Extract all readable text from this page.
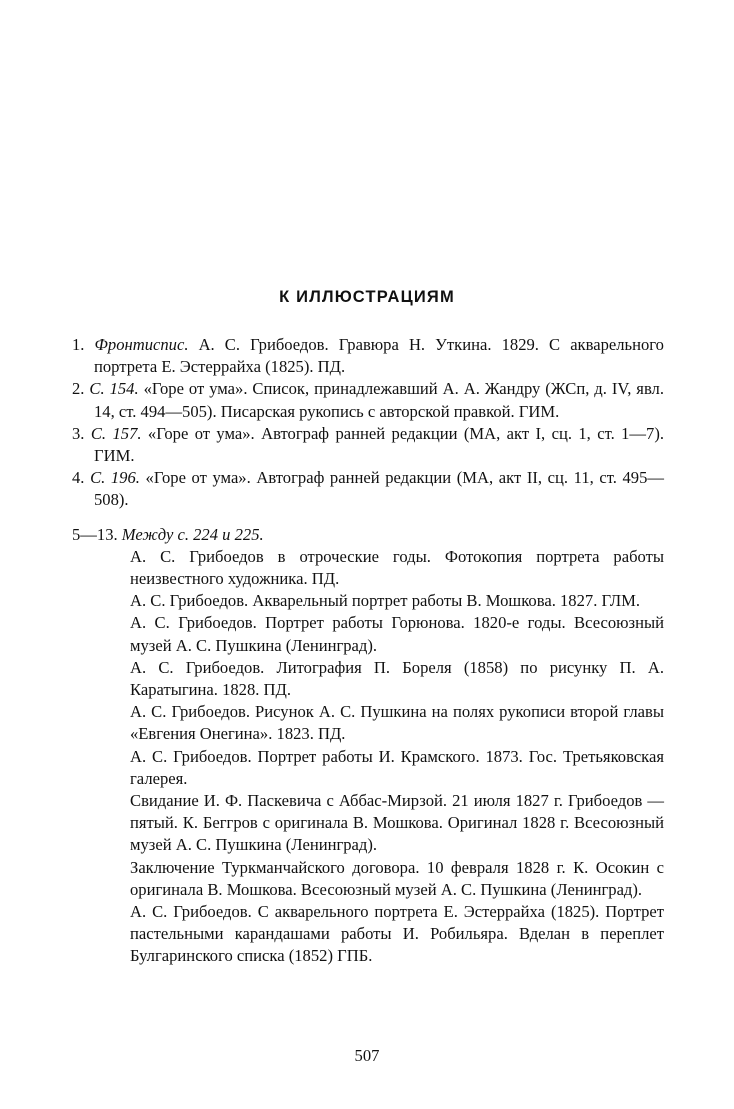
К ИЛЛЮСТРАЦИЯМ
1. Фронтиспис. А. С. Грибоедов. Гравюра Н. Уткина. 1829. С акварельного портрета Е. Эстеррайха (1825). ПД.
2. С. 154. «Горе от ума». Список, принадлежавший А. А. Жандру (ЖСп, д. IV, явл. 14, ст. 494—505). Писарская рукопись с авторской правкой. ГИМ.
3. С. 157. «Горе от ума». Автограф ранней редакции (МА, акт I, сц. 1, ст. 1—7). ГИМ.
4. С. 196. «Горе от ума». Автограф ранней редакции (МА, акт II, сц. 11, ст. 495—508).
5—13. Между с. 224 и 225.
А. С. Грибоедов в отроческие годы. Фотокопия портрета работы неизвестного художника. ПД.
А. С. Грибоедов. Акварельный портрет работы В. Мошкова. 1827. ГЛМ.
А. С. Грибоедов. Портрет работы Горюнова. 1820-е годы. Всесоюзный музей А. С. Пушкина (Ленинград).
А. С. Грибоедов. Литография П. Бореля (1858) по рисунку П. А. Каратыгина. 1828. ПД.
А. С. Грибоедов. Рисунок А. С. Пушкина на полях рукописи второй главы «Евгения Онегина». 1823. ПД.
А. С. Грибоедов. Портрет работы И. Крамского. 1873. Гос. Третьяковская галерея.
Свидание И. Ф. Паскевича с Аббас-Мирзой. 21 июля 1827 г. Грибоедов — пятый. К. Беггров с оригинала В. Мошкова. Оригинал 1828 г. Всесоюзный музей А. С. Пушкина (Ленинград).
Заключение Туркманчайского договора. 10 февраля 1828 г. К. Осокин с оригинала В. Мошкова. Всесоюзный музей А. С. Пушкина (Ленинград).
А. С. Грибоедов. С акварельного портрета Е. Эстеррайха (1825). Портрет пастельными карандашами работы И. Робильяра. Вделан в переплет Булгаринского списка (1852) ГПБ.
507
